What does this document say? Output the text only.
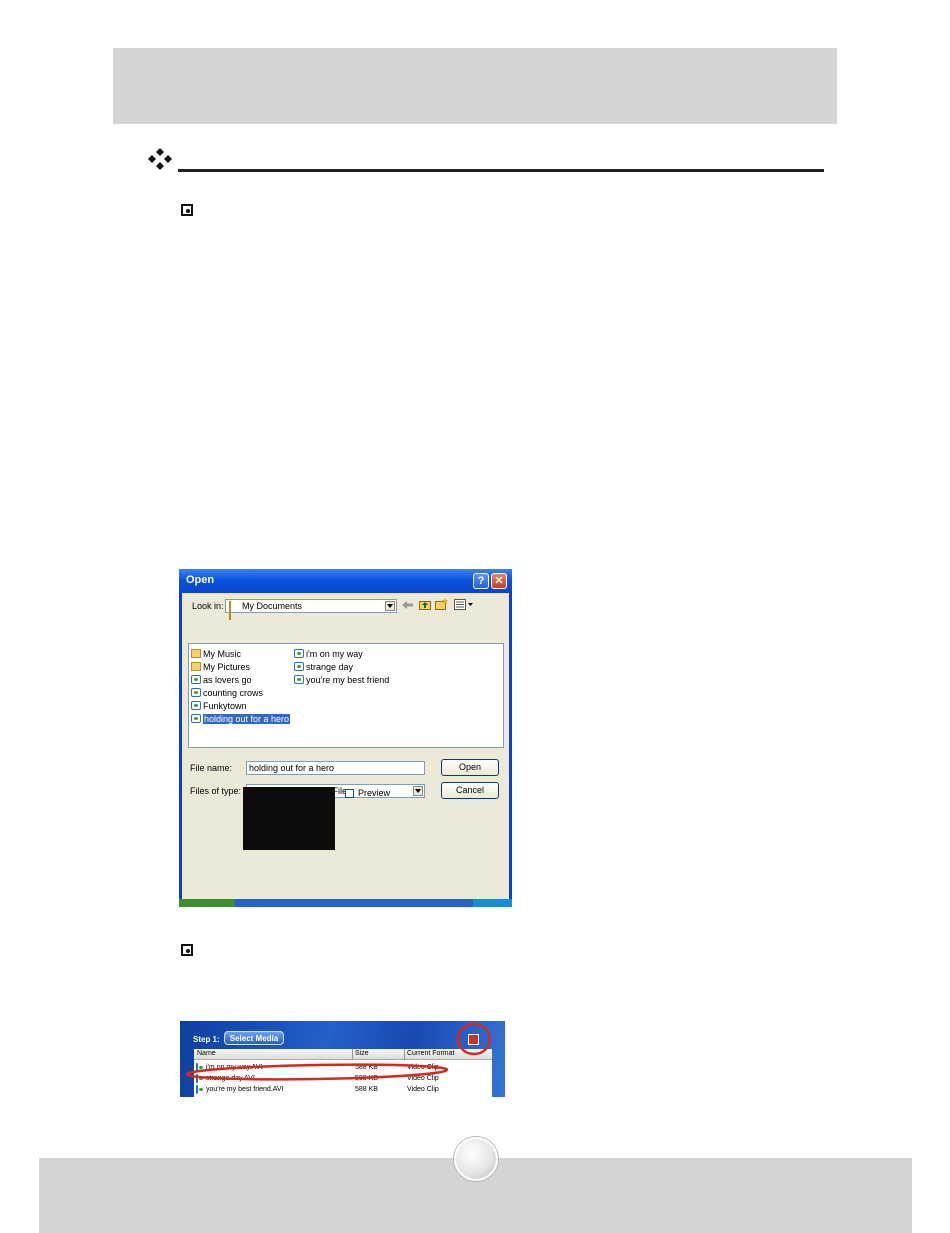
Open	? ✕
Look in: My Documents
My Music
My Pictures
as lovers go
counting crows
Funkytown
holding out for a hero
i'm on my way
strange day
you're my best friend
File name:	holding out for a hero	Open
Files of type:	Files	Cancel
Preview
Step 1:	Select Media
Name	Size	Current Format
i'm on my way.AVI	588 KB	Video Clip
strange day.AVI	588 KB	Video Clip
you're my best friend.AVI	588 KB	Video Clip
